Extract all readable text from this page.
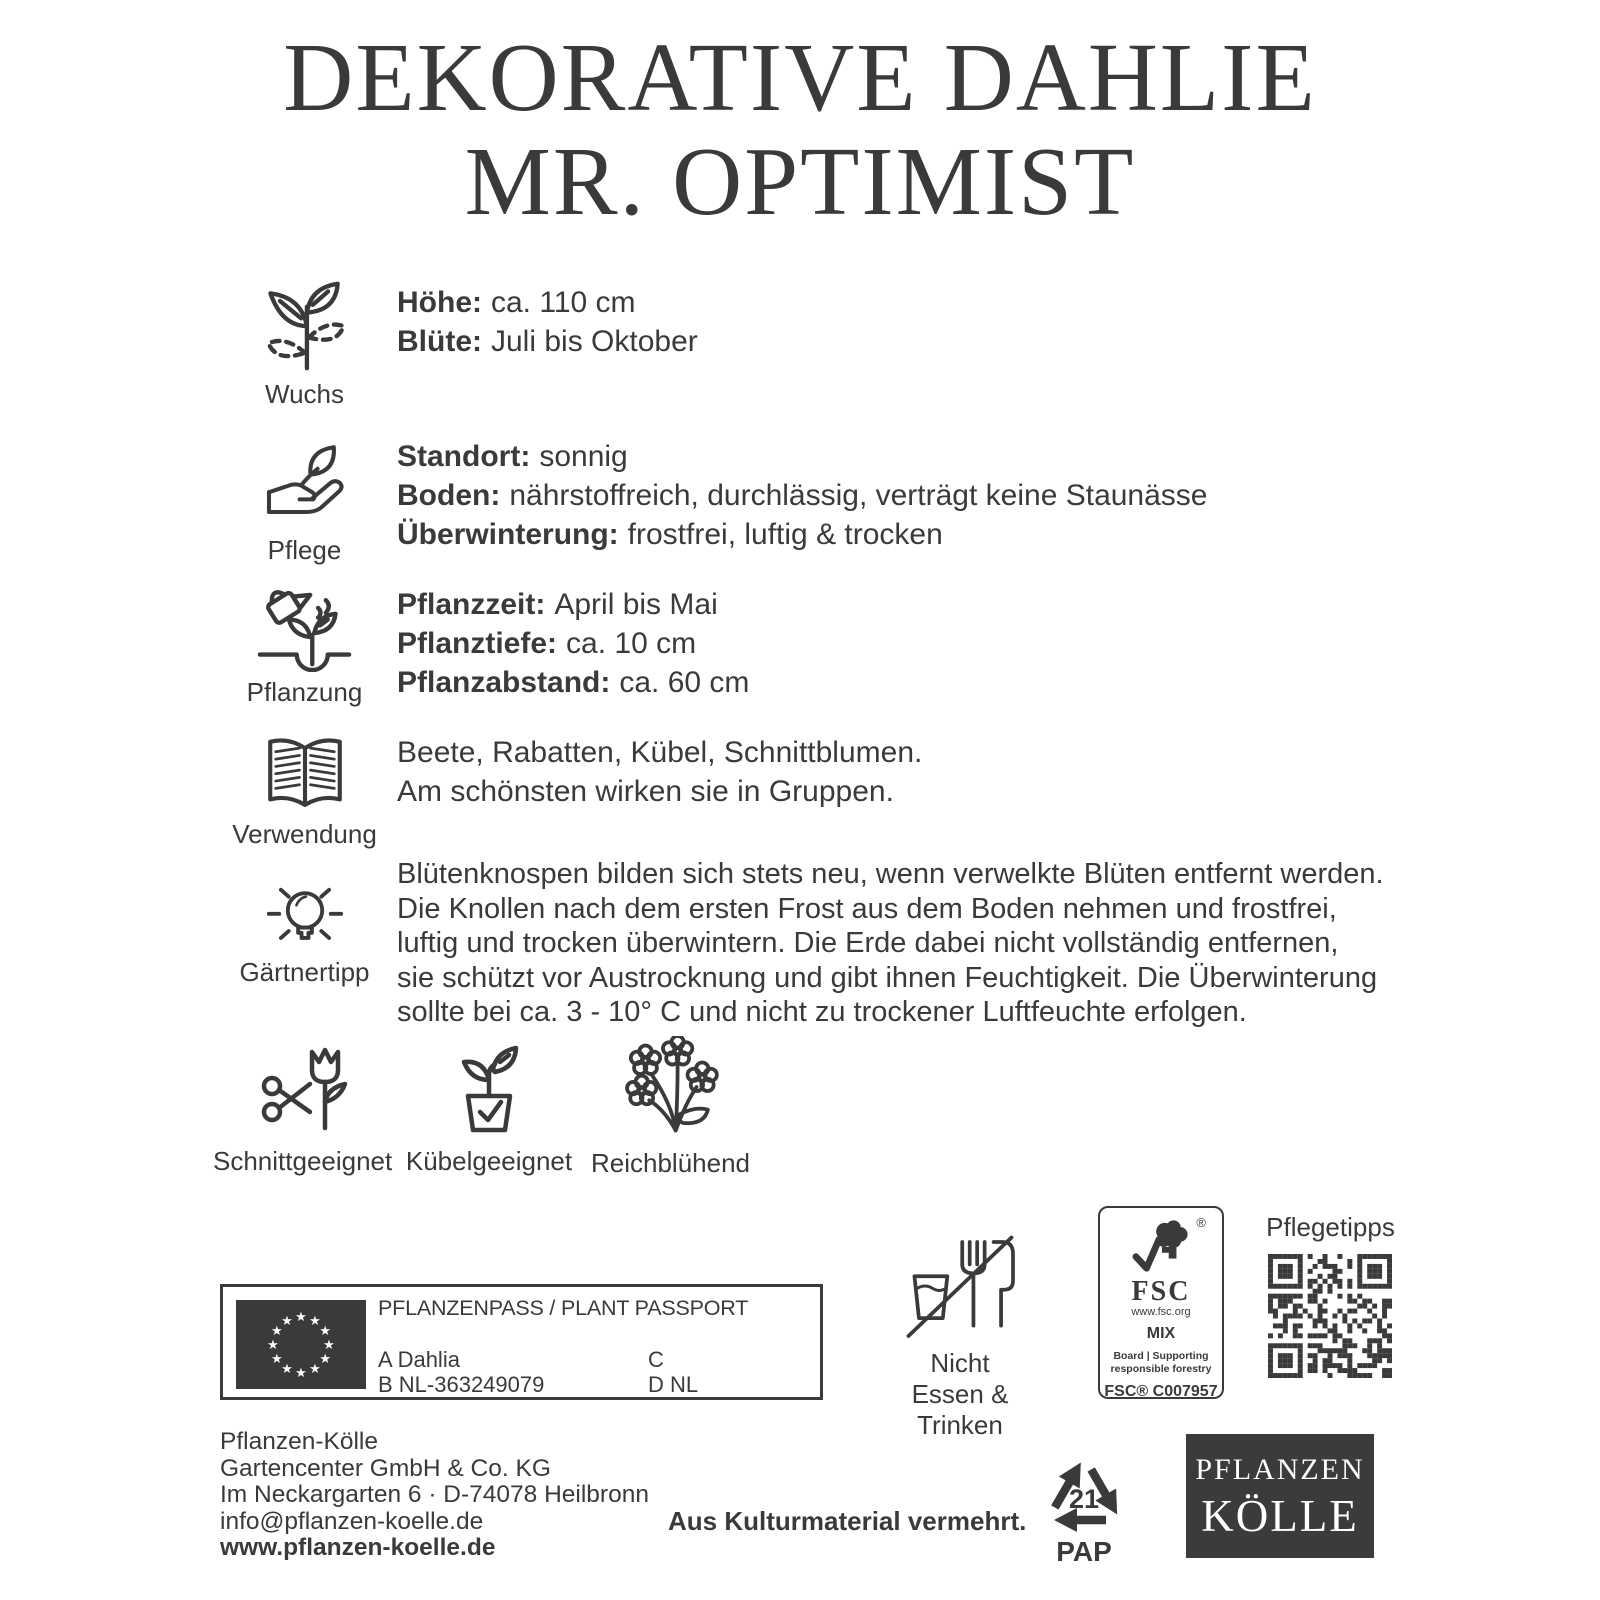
DEKORATIVE DAHLIE
MR. OPTIMIST
Wuchs
Höhe: ca. 110 cm
Blüte: Juli bis Oktober
Pflege
Standort: sonnig
Boden: nährstoffreich, durchlässig, verträgt keine Staunässe
Überwinterung: frostfrei, luftig & trocken
Pflanzung
Pflanzzeit: April bis Mai
Pflanztiefe: ca. 10 cm
Pflanzabstand: ca. 60 cm
Verwendung
Beete, Rabatten, Kübel, Schnittblumen.
Am schönsten wirken sie in Gruppen.
Gärtnertipp
Blütenknospen bilden sich stets neu, wenn verwelkte Blüten entfernt werden.
Die Knollen nach dem ersten Frost aus dem Boden nehmen und frostfrei,
luftig und trocken überwintern. Die Erde dabei nicht vollständig entfernen,
sie schützt vor Austrocknung und gibt ihnen Feuchtigkeit. Die Überwinterung
sollte bei ca. 3 - 10° C und nicht zu trockener Luftfeuchte erfolgen.
Schnittgeeignet Kübelgeeignet Reichblühend
★ ★
★
★
★
★
★
★
★
★
★
★
PFLANZENPASS / PLANT PASSPORT
A Dahlia
B NL-363249079
C
D NL
Nicht
Essen & Trinken
®
FSC
www.fsc.org
MIX
Board | Supporting
responsible forestry
FSC® C007957
Pflegetipps
Pflanzen-Kölle
Gartencenter GmbH & Co. KG
Im Neckargarten 6 · D-74078 Heilbronn
info@pflanzen-koelle.de
www.pflanzen-koelle.de
Aus Kulturmaterial vermehrt.
21
PAP
PFLANZEN
KÖLLE
